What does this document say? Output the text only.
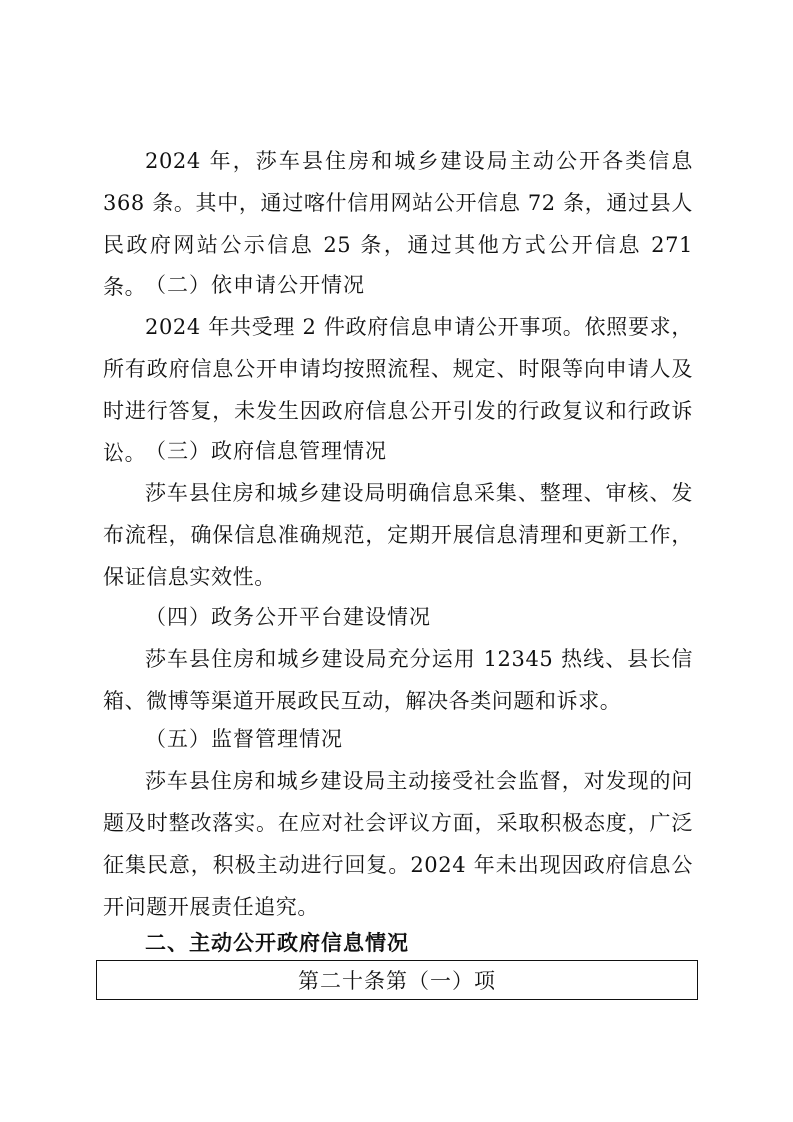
2024 年，莎车县住房和城乡建设局主动公开各类信息 368 条。其中，通过喀什信用网站公开信息 72 条，通过县人民政府网站公示信息 25 条，通过其他方式公开信息 271 条。

（二）依申请公开情况

2024 年共受理 2 件政府信息申请公开事项。依照要求，所有政府信息公开申请均按照流程、规定、时限等向申请人及时进行答复，未发生因政府信息公开引发的行政复议和行政诉讼。

（三）政府信息管理情况

莎车县住房和城乡建设局明确信息采集、整理、审核、发布流程，确保信息准确规范，定期开展信息清理和更新工作，保证信息实效性。

（四）政务公开平台建设情况

莎车县住房和城乡建设局充分运用 12345 热线、县长信箱、微博等渠道开展政民互动，解决各类问题和诉求。

（五）监督管理情况

莎车县住房和城乡建设局主动接受社会监督，对发现的问题及时整改落实。在应对社会评议方面，采取积极态度，广泛征集民意，积极主动进行回复。2024 年未出现因政府信息公开问题开展责任追究。

二、主动公开政府信息情况

第二十条第（一）项
